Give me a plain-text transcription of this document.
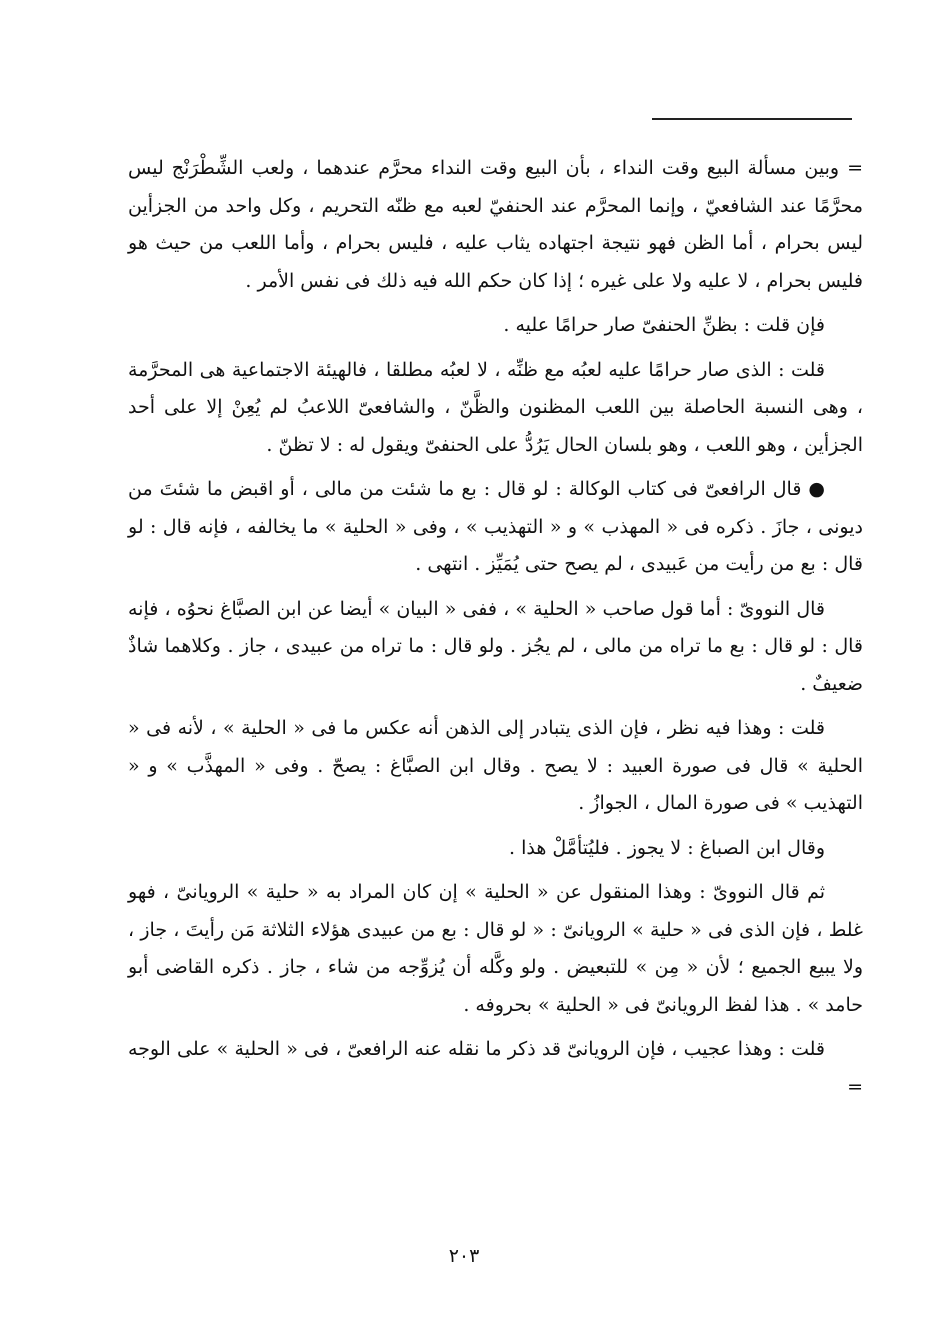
= وبين مسألة البيع وقت النداء ، بأن البيع وقت النداء محرَّم عندهما ، ولعب الشِّطْرَنْج ليس محرَّمًا عند الشافعيّ ، وإنما المحرَّم عند الحنفيّ لعبه مع ظنّه التحريم ، وكل واحد من الجزأين ليس بحرام ، أما الظن فهو نتيجة اجتهاده يثاب عليه ، فليس بحرام ، وأما اللعب من حيث هو فليس بحرام ، لا عليه ولا على غيره ؛ إذا كان حكم الله فيه ذلك فى نفس الأمر .

فإن قلت : بظنِّ الحنفىّ صار حرامًا عليه .

قلت : الذى صار حرامًا عليه لعبُه مع ظنِّه ، لا لعبُه مطلقا ، فالهيئة الاجتماعية هى المحرَّمة ، وهى النسبة الحاصلة بين اللعب المظنون والظَّنّ ، والشافعىّ اللاعبُ لم يُعِنْ إلا على أحد الجزأين ، وهو اللعب ، وهو بلسان الحال يَرُدُّ على الحنفىّ ويقول له : لا تظنّ .

● قال الرافعىّ فى كتاب الوكالة : لو قال : بع ما شئت من مالى ، أو اقبض ما شئتَ من ديونى ، جازَ . ذكره فى « المهذب » و « التهذيب » ، وفى « الحلية » ما يخالفه ، فإنه قال : لو قال : بع من رأيت من عَبيدى ، لم يصح حتى يُمَيِّز . انتهى .

قال النووىّ : أما قول صاحب « الحلية » ، ففى « البيان » أيضا عن ابن الصبَّاغ نحوُه ، فإنه قال : لو قال : بع ما تراه من مالى ، لم يجُز . ولو قال : ما تراه من عبيدى ، جاز . وكلاهما شاذٌ ضعيفٌ .

قلت : وهذا فيه نظر ، فإن الذى يتبادر إلى الذهن أنه عكس ما فى « الحلية » ، لأنه فى « الحلية » قال فى صورة العبيد : لا يصح . وقال ابن الصبَّاغ : يصحّ . وفى « المهذَّب » و « التهذيب » فى صورة المال ، الجوازُ .

وقال ابن الصباغ : لا يجوز . فليُتأمَّلْ هذا .

ثم قال النووىّ : وهذا المنقول عن « الحلية » إن كان المراد به « حلية » الرويانىّ ، فهو غلط ، فإن الذى فى « حلية » الرويانىّ : « لو قال : بع من عبيدى هؤلاء الثلاثة مَن رأيتَ ، جاز ، ولا يبيع الجميع ؛ لأن « مِن » للتبعيض . ولو وكَّله أن يُزوِّجه من شاء ، جاز . ذكره القاضى أبو حامد » . هذا لفظ الرويانىّ فى « الحلية » بحروفه .

قلت : وهذا عجيب ، فإن الرويانىّ قد ذكر ما نقله عنه الرافعىّ ، فى « الحلية » على الوجه =

٢٠٣
